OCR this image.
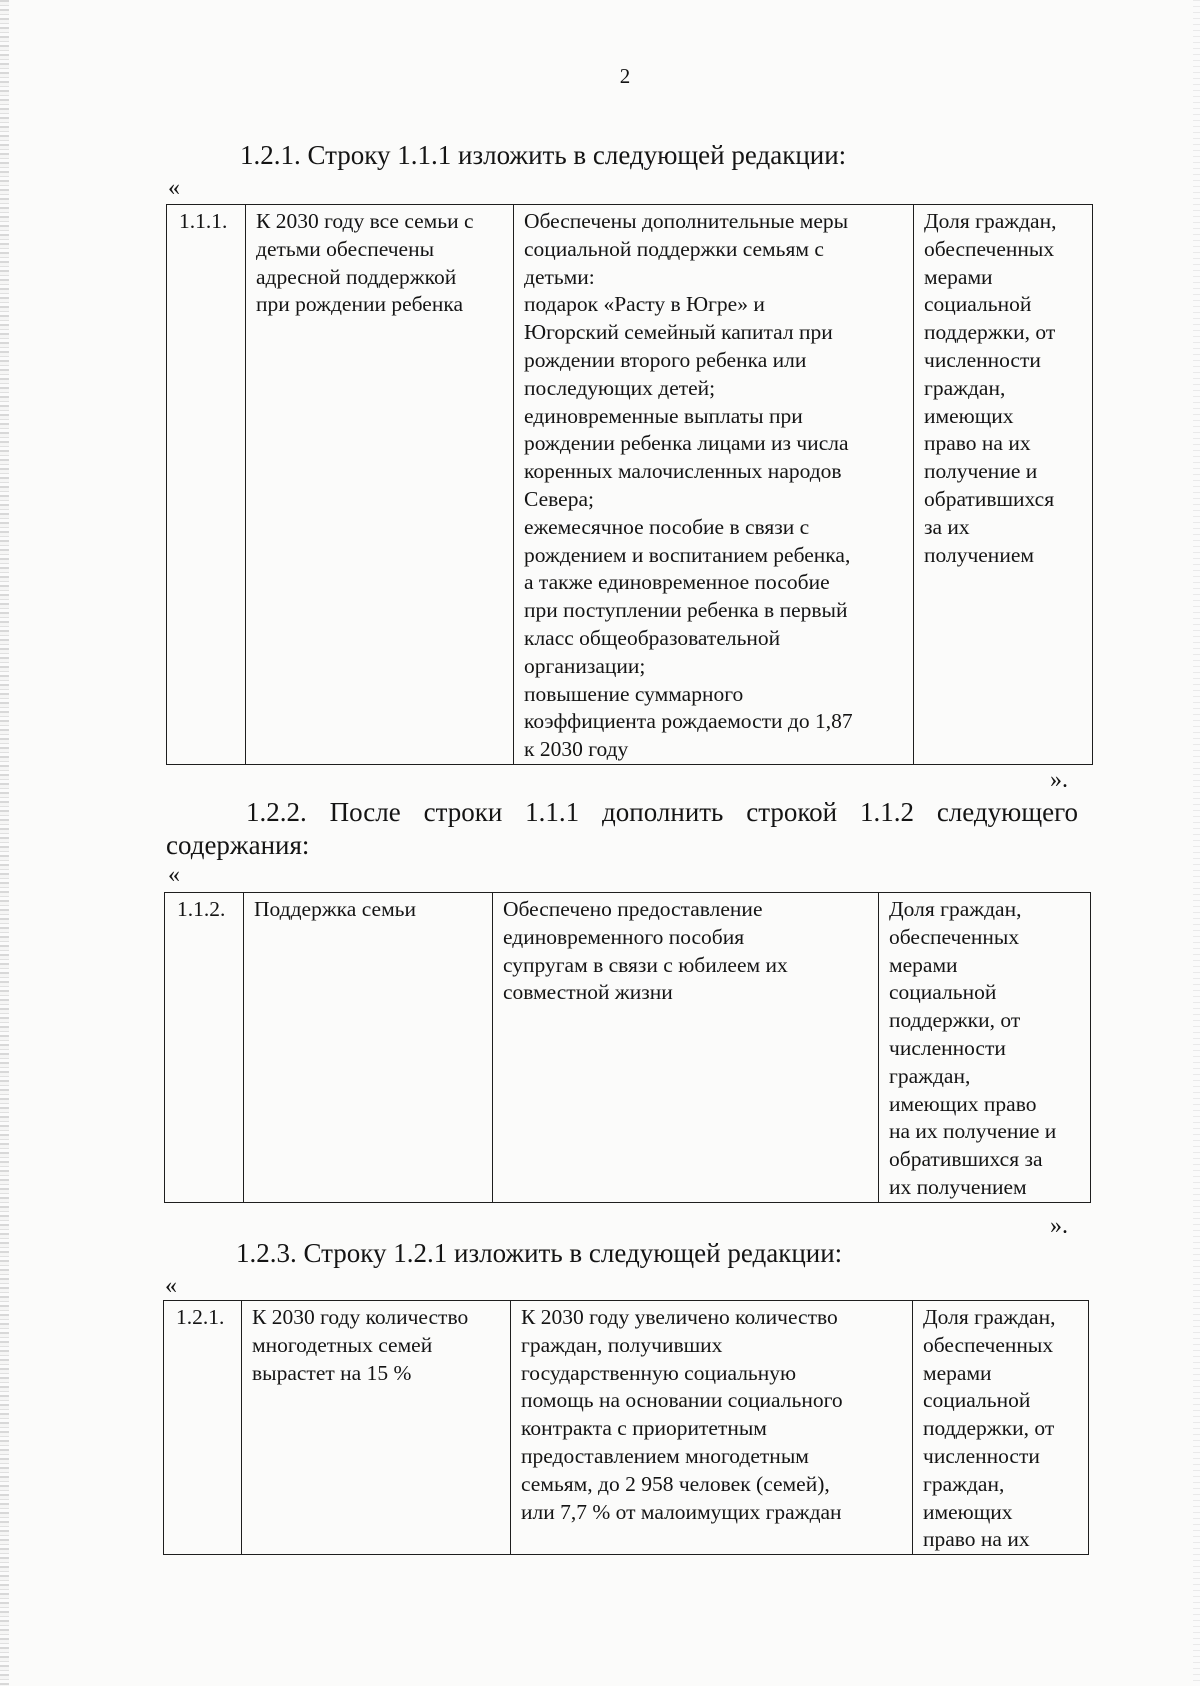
2
1.2.1. Строку 1.1.1 изложить в следующей редакции:
«
1.1.1.	К 2030 году все семьи с
детьми обеспечены
адресной поддержкой
при рождении ребенка	Обеспечены дополнительные меры
социальной поддержки семьям с
детьми:
подарок «Расту в Югре» и
Югорский семейный капитал при
рождении второго ребенка или
последующих детей;
единовременные выплаты при
рождении ребенка лицами из числа
коренных малочисленных народов
Севера;
ежемесячное пособие в связи с
рождением и воспитанием ребенка,
а также единовременное пособие
при поступлении ребенка в первый
класс общеобразовательной
организации;
повышение суммарного
коэффициента рождаемости до 1,87
к 2030 году	Доля граждан,
обеспеченных
мерами
социальной
поддержки, от
численности
граждан,
имеющих
право на их
получение и
обратившихся
за их
получением
».
1.2.2. После строки 1.1.1 дополнить строкой 1.1.2 следующего
содержания:
«
1.1.2.	Поддержка семьи	Обеспечено предоставление
единовременного пособия
супругам в связи с юбилеем их
совместной жизни	Доля граждан,
обеспеченных
мерами
социальной
поддержки, от
численности
граждан,
имеющих право
на их получение и
обратившихся за
их получением
».
1.2.3. Строку 1.2.1 изложить в следующей редакции:
«
1.2.1.	К 2030 году количество
многодетных семей
вырастет на 15 %	К 2030 году увеличено количество
граждан, получивших
государственную социальную
помощь на основании социального
контракта с приоритетным
предоставлением многодетным
семьям, до 2 958 человек (семей),
или 7,7 % от малоимущих граждан	Доля граждан,
обеспеченных
мерами
социальной
поддержки, от
численности
граждан,
имеющих
право на их
